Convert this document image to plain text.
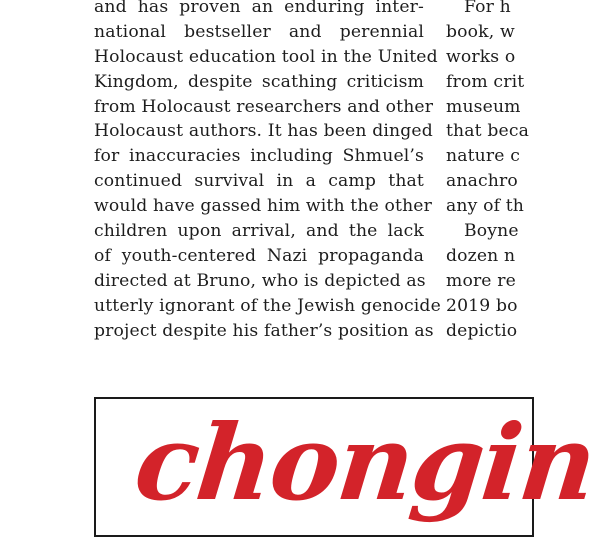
and has proven an enduring inter-
national bestseller and perennial
Holocaust education tool in the United
Kingdom, despite scathing criticism
from Holocaust researchers and other
Holocaust authors. It has been dinged
for inaccuracies including Shmuel’s
continued survival in a camp that
would have gassed him with the other
children upon arrival, and the lack
of youth-centered Nazi propaganda
directed at Bruno, who is depicted as
utterly ignorant of the Jewish genocide
project despite his father’s position as
For h
book, w
works o
from crit
museum
that beca
nature c
anachro
any of th
Boyne
dozen n
more re
2019 bo
depictio
chongin
